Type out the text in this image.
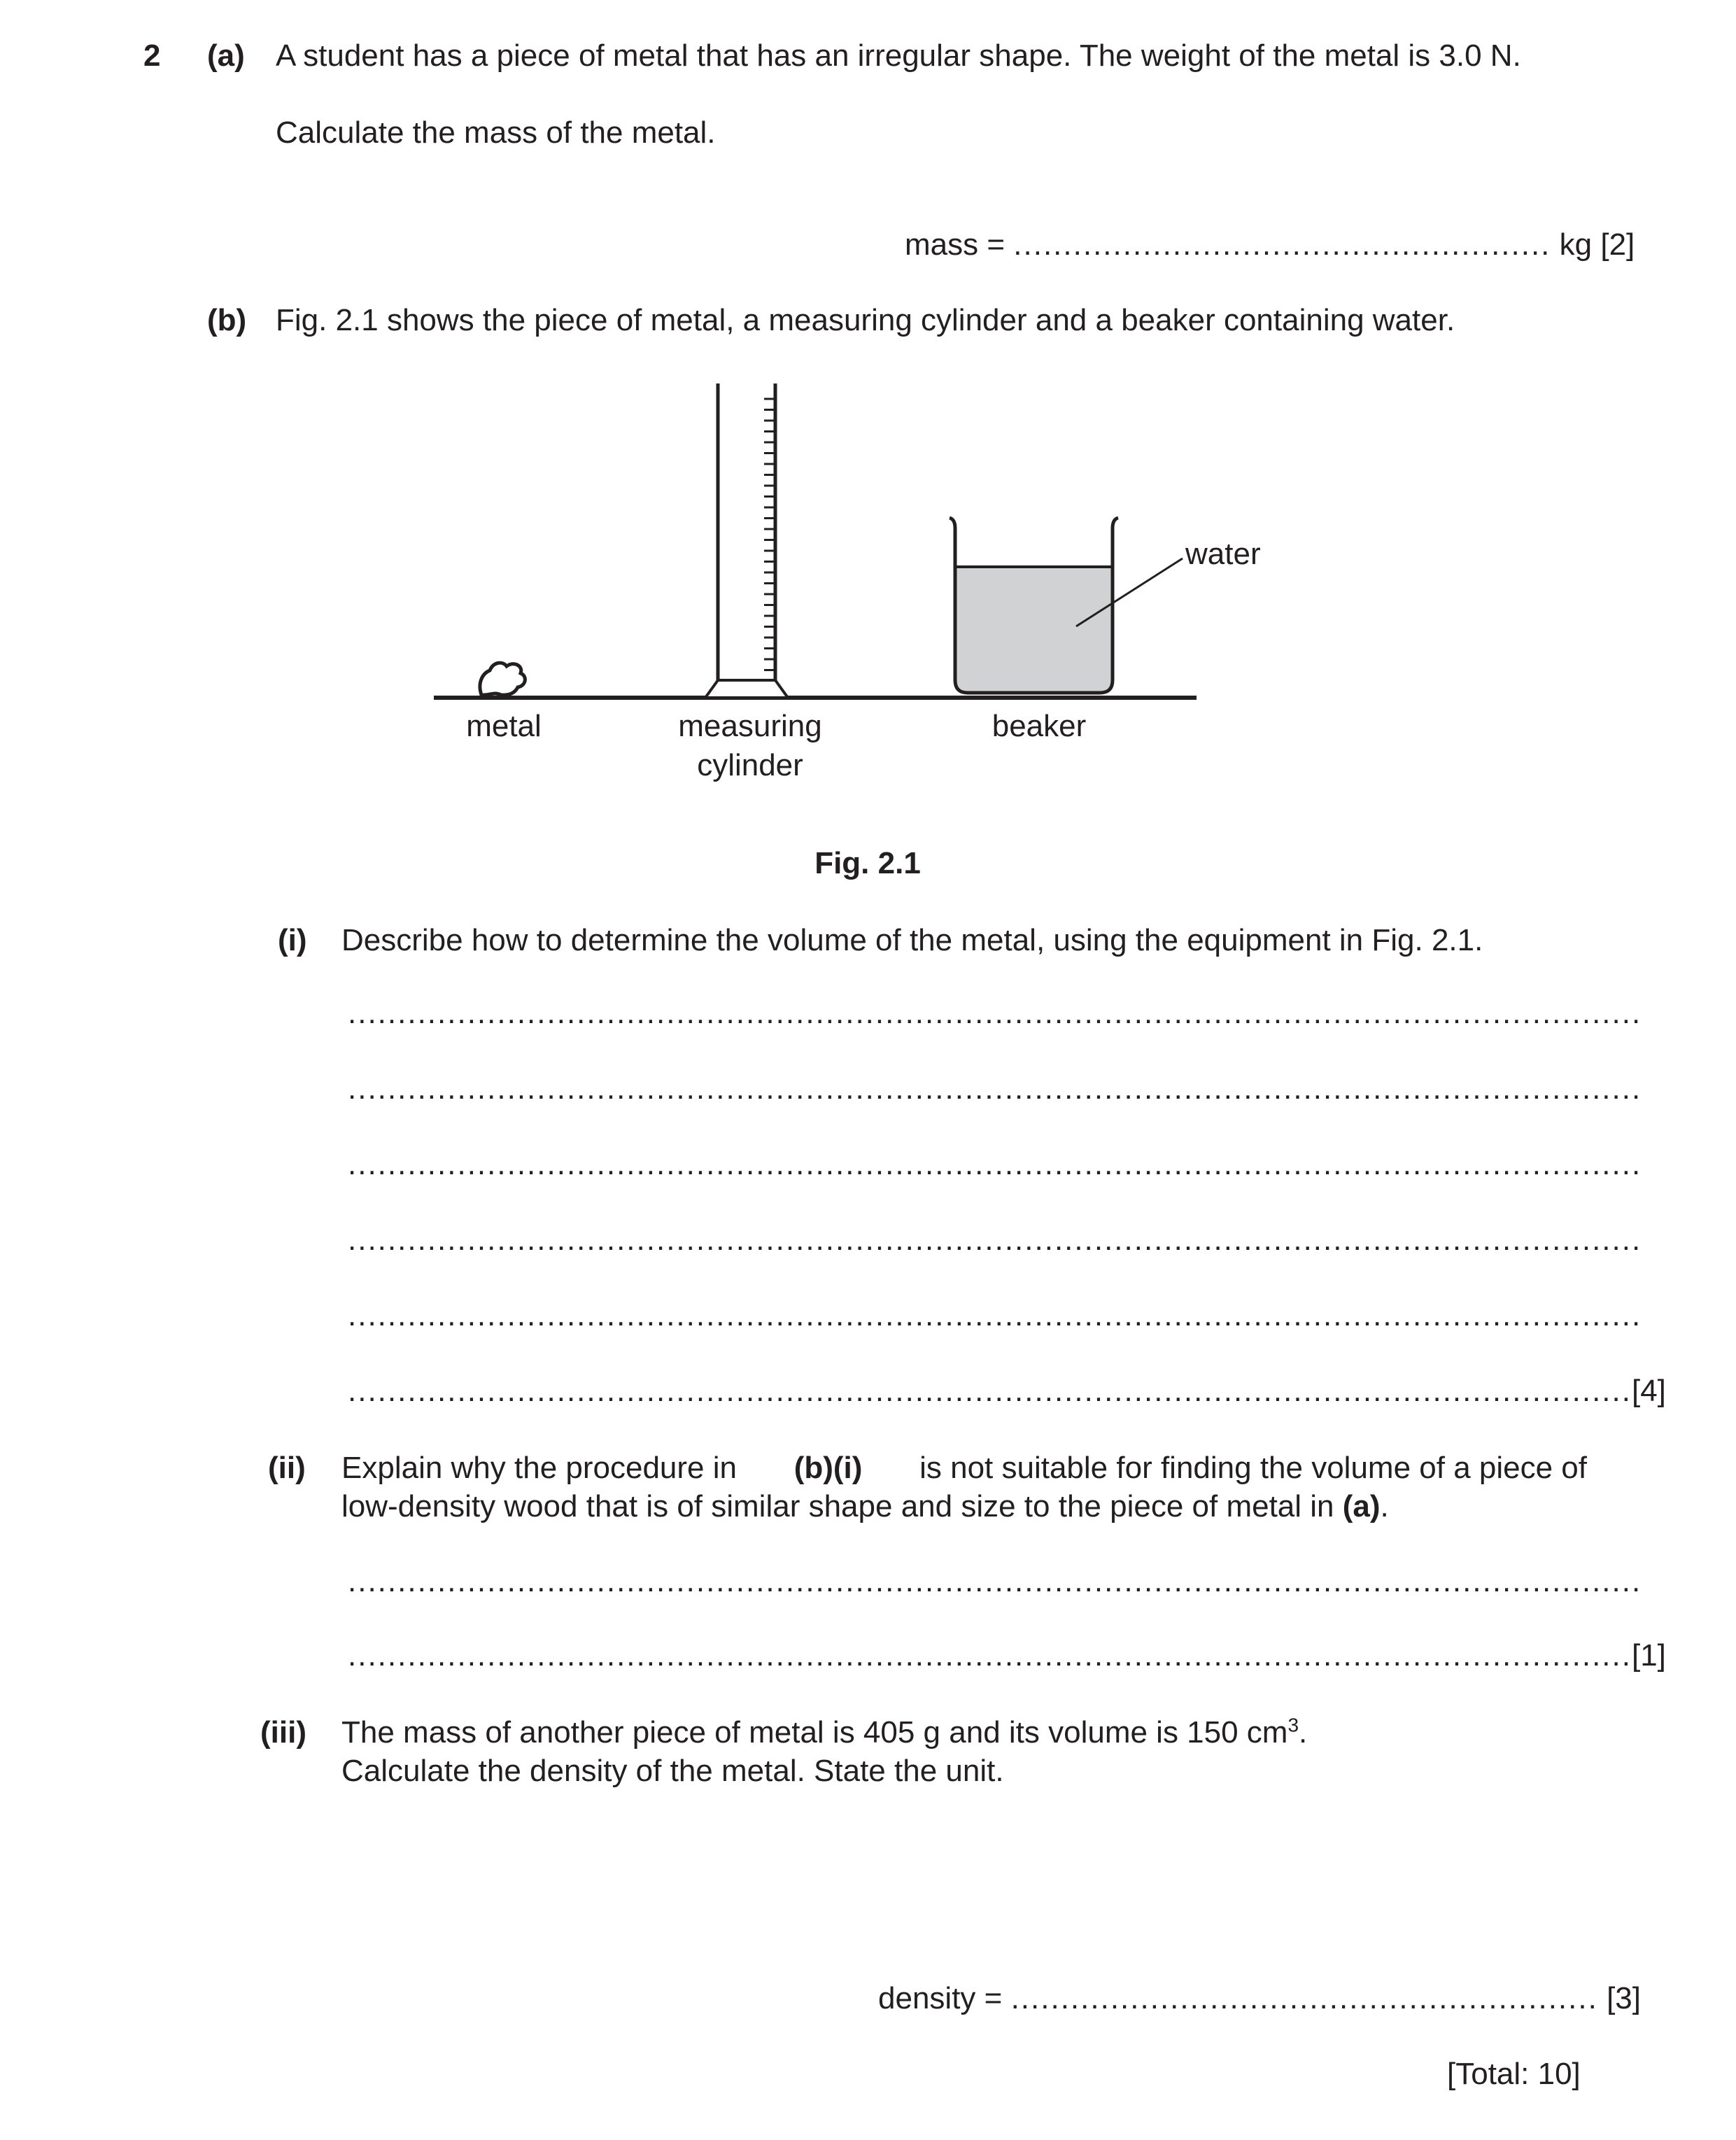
2 (a) A student has a piece of metal that has an irregular shape. The weight of the metal is 3.0 N.
Calculate the mass of the metal.
mass = ...................................................... kg [2]
(b) Fig. 2.1 shows the piece of metal, a measuring cylinder and a beaker containing water.
metal	measuring
cylinder
beaker
water
Fig. 2.1
(i) Describe how to determine the volume of the metal, using the equipment in Fig. 2.1.
..................................................................................................................................
..................................................................................................................................
..................................................................................................................................
..................................................................................................................................
..................................................................................................................................
.................................................................................................................................[4]
(ii) Explain why the procedure in (b)(i) is not suitable for finding the volume of a piece of
low-density wood that is of similar shape and size to the piece of metal in (a).
..................................................................................................................................
.................................................................................................................................[1]
(iii) The mass of another piece of metal is 405 g and its volume is 150 $cm^3$.
Calculate the density of the metal. State the unit.
density = ........................................................... [3]
[Total: 10]
